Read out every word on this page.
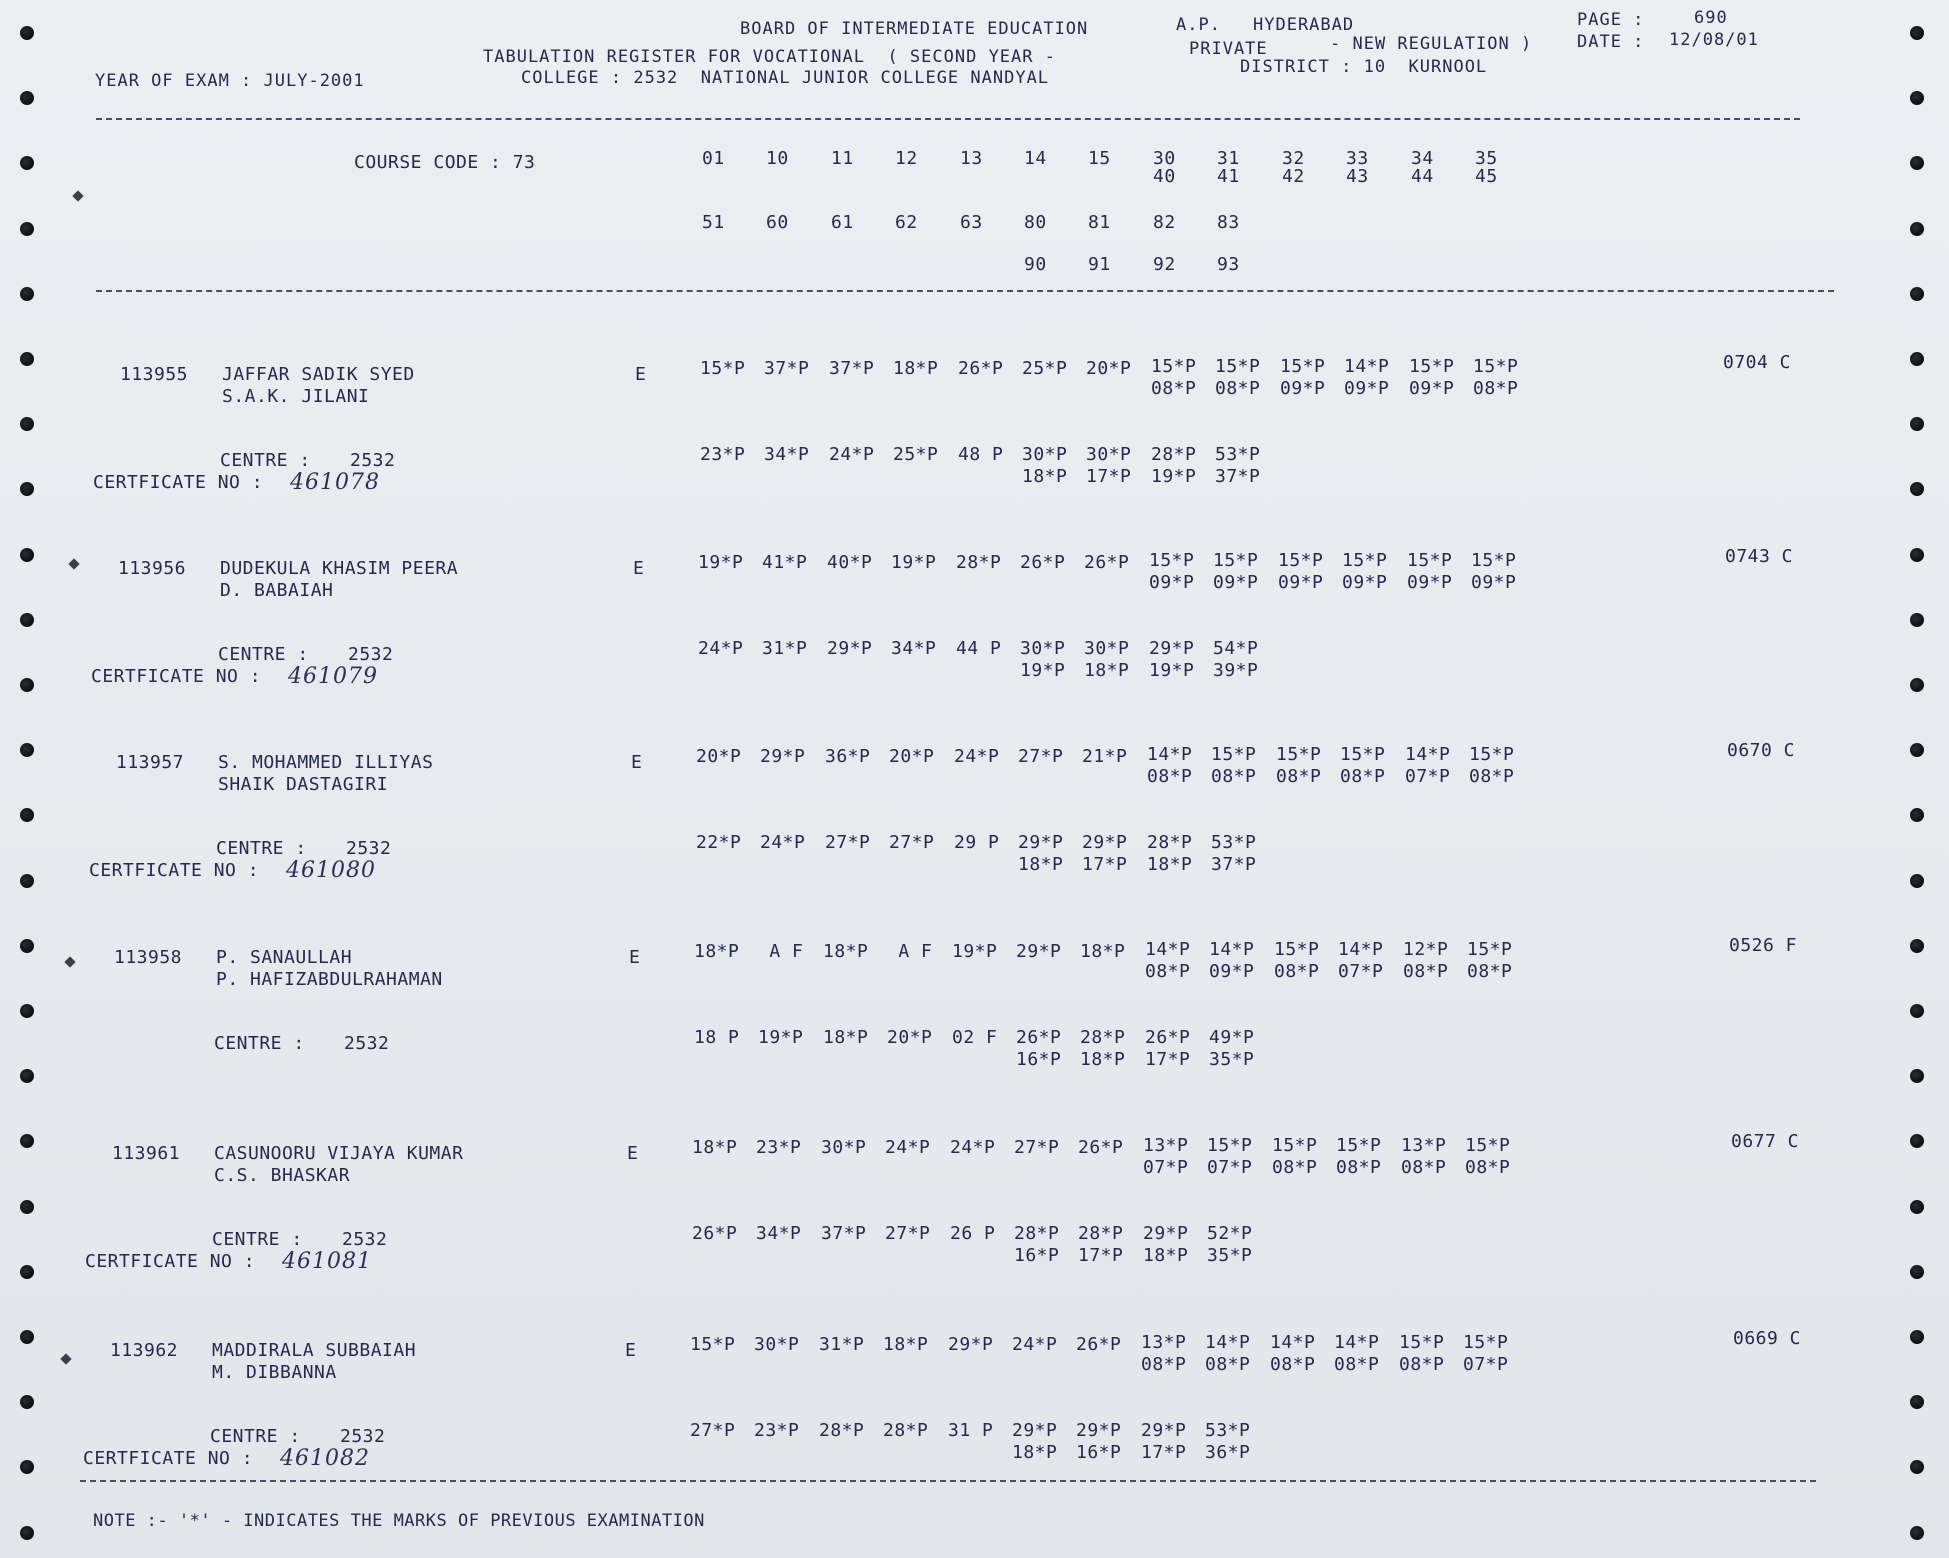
BOARD OF INTERMEDIATE EDUCATION	A.P. HYDERABAD	PAGE :	690
TABULATION REGISTER FOR VOCATIONAL  ( SECOND YEAR -	PRIVATE	- NEW REGULATION )	DATE : 12/08/01
YEAR OF EXAM : JULY-2001	COLLEGE : 2532  NATIONAL JUNIOR COLLEGE NANDYAL
DISTRICT : 10  KURNOOL
COURSE CODE : 73
NOTE :- '*' - INDICATES THE MARKS OF PREVIOUS EXAMINATION
01 10 11 12 13 14 15 30 31 32 33 34 35
40 41 42 43 44 45
51 60 61 62 63 80 81 82 83
90 91 92 93
113955 JAFFAR SADIK SYED
S.A.K. JILANI
E	15*P 37*P 37*P 18*P 26*P 25*P 20*P 15*P 15*P 15*P 14*P 15*P 15*P
08*P 08*P 09*P 09*P 09*P 08*P
23*P 34*P 24*P 25*P 48 P 30*P 30*P 28*P 53*P
18*P 17*P 19*P 37*P
0704 C
CENTRE : 2532
CERTFICATE NO : 461078
113956 DUDEKULA KHASIM PEERA
D. BABAIAH
E	19*P 41*P 40*P 19*P 28*P 26*P 26*P 15*P 15*P 15*P 15*P 15*P 15*P
09*P 09*P 09*P 09*P 09*P 09*P
24*P 31*P 29*P 34*P 44 P 30*P 30*P 29*P 54*P
19*P 18*P 19*P 39*P
0743 C
CENTRE : 2532
CERTFICATE NO : 461079
113957 S. MOHAMMED ILLIYAS
SHAIK DASTAGIRI
E	20*P 29*P 36*P 20*P 24*P 27*P 21*P 14*P 15*P 15*P 15*P 14*P 15*P
08*P 08*P 08*P 08*P 07*P 08*P
22*P 24*P 27*P 27*P 29 P 29*P 29*P 28*P 53*P
18*P 17*P 18*P 37*P
0670 C
CENTRE : 2532
CERTFICATE NO : 461080
113958 P. SANAULLAH
P. HAFIZABDULRAHAMAN
E	18*P A F 18*P A F 19*P 29*P 18*P 14*P 14*P 15*P 14*P 12*P 15*P
08*P 09*P 08*P 07*P 08*P 08*P
18 P 19*P 18*P 20*P 02 F 26*P 28*P 26*P 49*P
16*P 18*P 17*P 35*P
0526 F
CENTRE : 2532
113961 CASUNOORU VIJAYA KUMAR
C.S. BHASKAR
E	18*P 23*P 30*P 24*P 24*P 27*P 26*P 13*P 15*P 15*P 15*P 13*P 15*P
07*P 07*P 08*P 08*P 08*P 08*P
26*P 34*P 37*P 27*P 26 P 28*P 28*P 29*P 52*P
16*P 17*P 18*P 35*P
0677 C
CENTRE : 2532
CERTFICATE NO : 461081
113962 MADDIRALA SUBBAIAH
M. DIBBANNA
E	15*P 30*P 31*P 18*P 29*P 24*P 26*P 13*P 14*P 14*P 14*P 15*P 15*P
08*P 08*P 08*P 08*P 08*P 07*P
27*P 23*P 28*P 28*P 31 P 29*P 29*P 29*P 53*P
18*P 16*P 17*P 36*P
0669 C
CENTRE : 2532
CERTFICATE NO : 461082
